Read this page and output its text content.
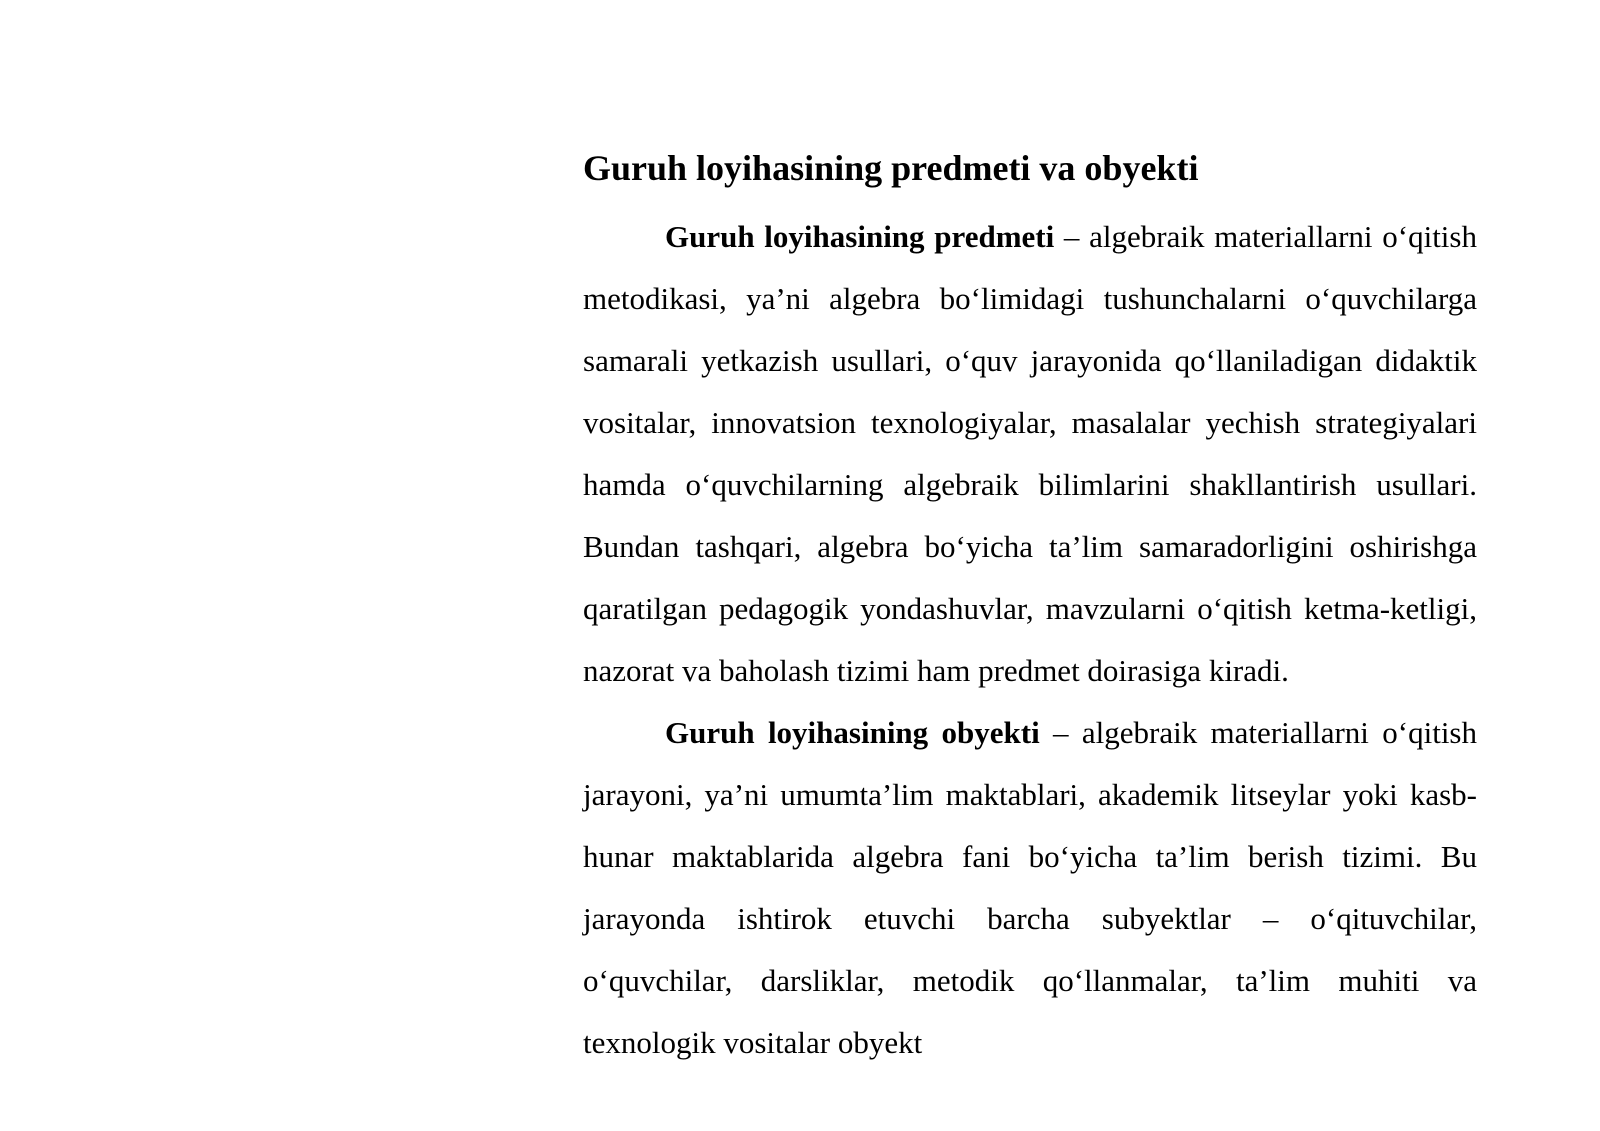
Guruh loyihasining predmeti va obyekti

Guruh loyihasining predmeti – algebraik materiallarni o‘qitish metodikasi, ya’ni algebra bo‘limidagi tushunchalarni o‘quvchilarga samarali yetkazish usullari, o‘quv jarayonida qo‘llaniladigan didaktik vositalar, innovatsion texnologiyalar, masalalar yechish strategiyalari hamda o‘quvchilarning algebraik bilimlarini shakllantirish usullari. Bundan tashqari, algebra bo‘yicha ta’lim samaradorligini oshirishga qaratilgan pedagogik yondashuvlar, mavzularni o‘qitish ketma-ketligi, nazorat va baholash tizimi ham predmet doirasiga kiradi.

Guruh loyihasining obyekti – algebraik materiallarni o‘qitish jarayoni, ya’ni umumta’lim maktablari, akademik litseylar yoki kasb-hunar maktablarida algebra fani bo‘yicha ta’lim berish tizimi. Bu jarayonda ishtirok etuvchi barcha subyektlar – o‘qituvchilar, o‘quvchilar, darsliklar, metodik qo‘llanmalar, ta’lim muhiti va texnologik vositalar obyekt
